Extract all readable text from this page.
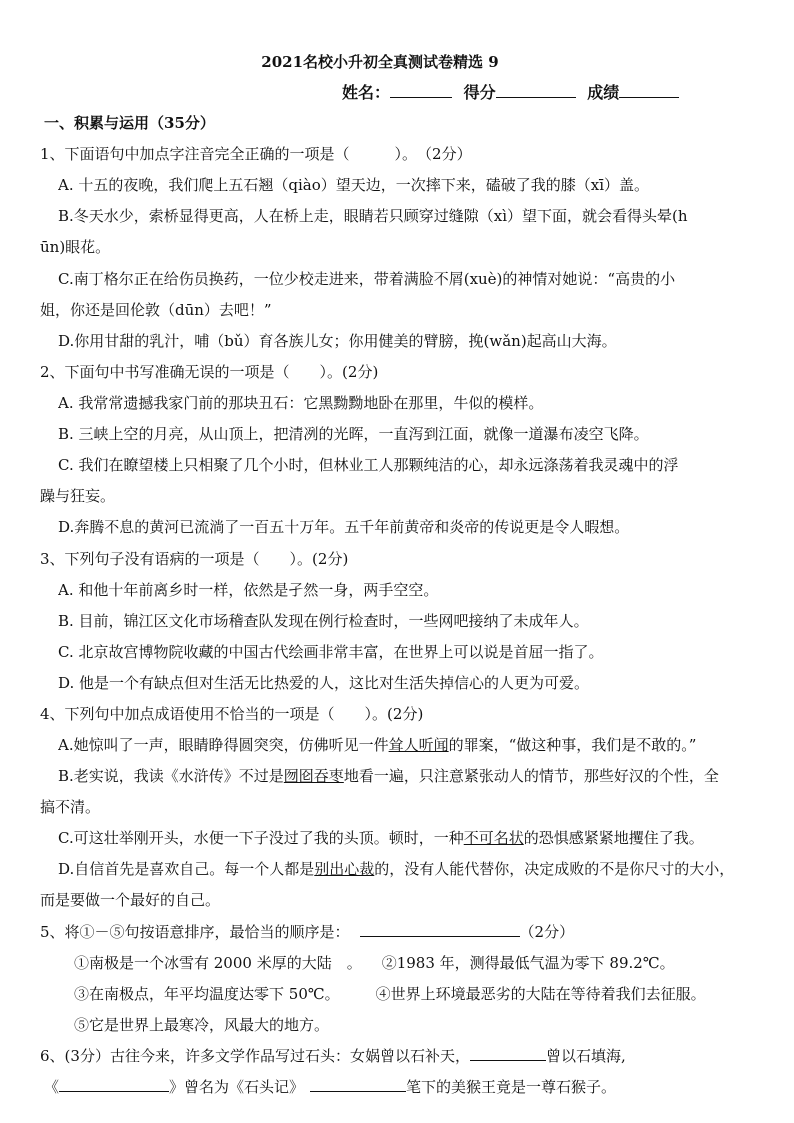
2021名校小升初全真测试卷精选 9
姓名：	得分	成绩
一、积累与运用（35分）
1、下面语句中加点字注音完全正确的一项是（　　　）。　（2分）
A. 十五的夜晚，我们爬上五石翘（qiào）望天边，一次摔下来，磕破了我的膝（xī）盖。
B.冬天水少，索桥显得更高，人在桥上走，眼睛若只顾穿过缝隙（xì）望下面，就会看得头晕(h
ūn)眼花。
C.南丁格尔正在给伤员换药，一位少校走进来，带着满脸不屑(xuè)的神情对她说：“高贵的小
姐，你还是回伦敦（dūn）去吧！”
D.你用甘甜的乳汁，哺（bǔ）育各族儿女；你用健美的臂膀，挽(wǎn)起高山大海。
2、下面句中书写准确无误的一项是（　　）。(2分)
A. 我常常遗撼我家门前的那块丑石：它黑黝黝地卧在那里，牛似的模样。
B. 三峡上空的月亮，从山顶上，把清冽的光晖，一直泻到江面，就像一道瀑布凌空飞降。
C. 我们在瞭望楼上只相聚了几个小时，但林业工人那颗纯洁的心，却永远涤荡着我灵魂中的浮
躁与狂妄。
D.奔腾不息的黄河已流淌了一百五十万年。五千年前黄帝和炎帝的传说更是令人暇想。
3、下列句子没有语病的一项是（　　）。(2分)
A. 和他十年前离乡时一样，依然是孑然一身，两手空空。
B. 目前，锦江区文化市场稽查队发现在例行检查时，一些网吧接纳了未成年人。
C. 北京故宫博物院收藏的中国古代绘画非常丰富，在世界上可以说是首屈一指了。
D. 他是一个有缺点但对生活无比热爱的人，这比对生活失掉信心的人更为可爱。
4、下列句中加点成语使用不恰当的一项是（　　）。(2分)
A.她惊叫了一声，眼睛睁得圆突突，仿佛听见一件耸人听闻的罪案，“做这种事，我们是不敢的。”
B.老实说，我读《水浒传》不过是囫囵吞枣地看一遍，只注意紧张动人的情节，那些好汉的个性，全
搞不清。
C.可这壮举刚开头，水便一下子没过了我的头顶。顿时，一种不可名状的恐惧感紧紧地攫住了我。
D.自信首先是喜欢自己。每一个人都是别出心裁的，没有人能代替你，决定成败的不是你尺寸的大小，
而是要做一个最好的自己。
5、将①－⑤句按语意排序，最恰当的顺序是：	（2分）
①南极是一个冰雪有 2000 米厚的大陆　。 ②1983 年，测得最低气温为零下 89.2℃。
③在南极点，年平均温度达零下 50℃。 ④世界上环境最恶劣的大陆在等待着我们去征服。
⑤它是世界上最寒冷，风最大的地方。
6、(3分）古往今来，许多文学作品写过石头：女娲曾以石补天，	曾以石填海,
《	》曾名为《石头记》	笔下的美猴王竟是一尊石猴子。
